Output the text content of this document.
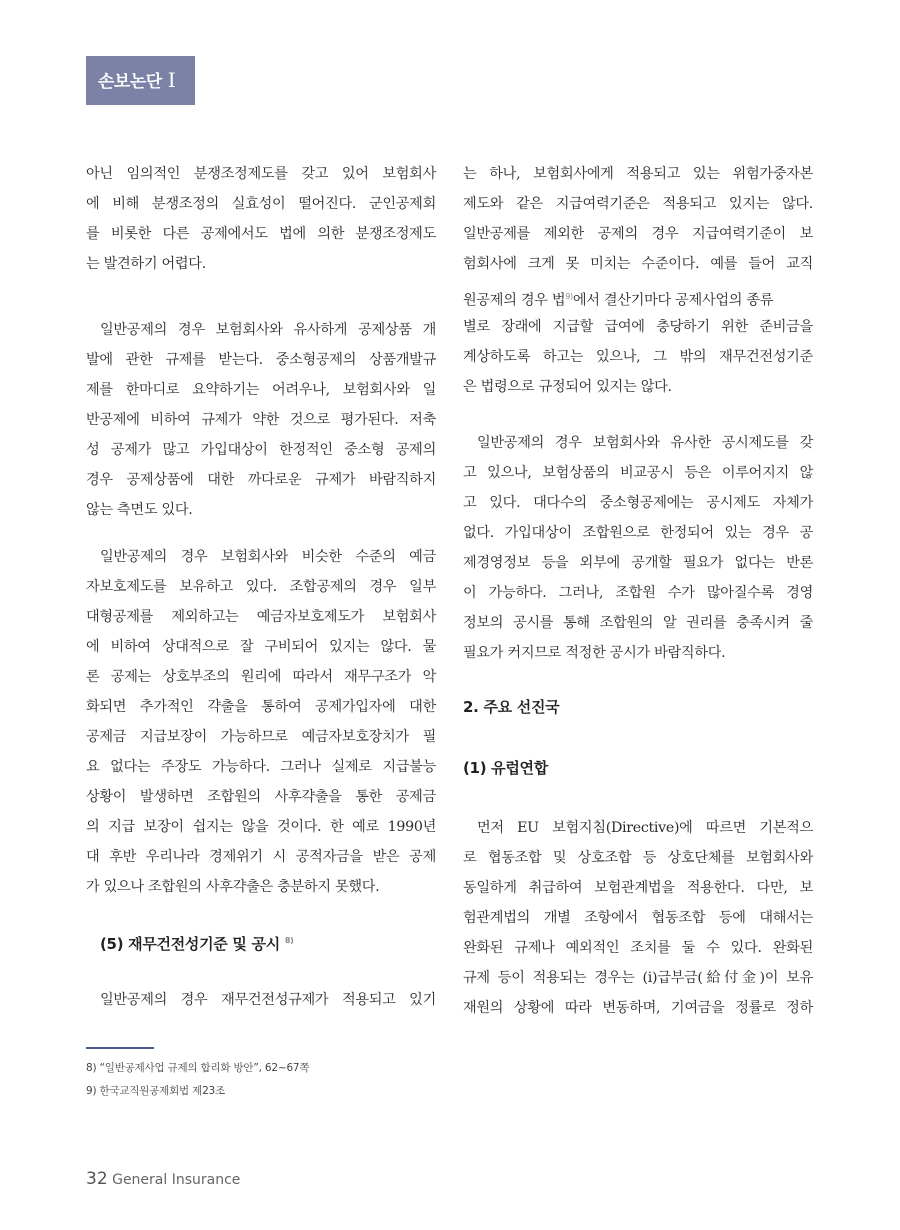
손보논단 I
아닌 임의적인 분쟁조정제도를 갖고 있어 보험회사
에 비해 분쟁조정의 실효성이 떨어진다. 군인공제회
를 비롯한 다른 공제에서도 법에 의한 분쟁조정제도
는 발견하기 어렵다.
일반공제의 경우 보험회사와 유사하게 공제상품 개
발에 관한 규제를 받는다. 중소형공제의 상품개발규
제를 한마디로 요약하기는 어려우나, 보험회사와 일
반공제에 비하여 규제가 약한 것으로 평가된다. 저축
성 공제가 많고 가입대상이 한정적인 중소형 공제의
경우 공제상품에 대한 까다로운 규제가 바람직하지
않는 측면도 있다.
일반공제의 경우 보험회사와 비슷한 수준의 예금
자보호제도를 보유하고 있다. 조합공제의 경우 일부
대형공제를 제외하고는 예금자보호제도가 보험회사
에 비하여 상대적으로 잘 구비되어 있지는 않다. 물
론 공제는 상호부조의 원리에 따라서 재무구조가 악
화되면 추가적인 갹출을 통하여 공제가입자에 대한
공제금 지급보장이 가능하므로 예금자보호장치가 필
요 없다는 주장도 가능하다. 그러나 실제로 지급불능
상황이 발생하면 조합원의 사후갹출을 통한 공제금
의 지급 보장이 쉽지는 않을 것이다. 한 예로 1990년
대 후반 우리나라 경제위기 시 공적자금을 받은 공제
가 있으나 조합원의 사후갹출은 충분하지 못했다.
(5) 재무건전성기준 및 공시 $^{8)}$
일반공제의 경우 재무건전성규제가 적용되고 있기
는 하나, 보험회사에게 적용되고 있는 위험가중자본
제도와 같은 지급여력기준은 적용되고 있지는 않다.
일반공제를 제외한 공제의 경우 지급여력기준이 보
험회사에 크게 못 미치는 수준이다. 예를 들어 교직
원공제의 경우 법$^{9)}$에서 결산기마다 공제사업의 종류
별로 장래에 지급할 급여에 충당하기 위한 준비금을
계상하도록 하고는 있으나, 그 밖의 재무건전성기준
은 법령으로 규정되어 있지는 않다.
일반공제의 경우 보험회사와 유사한 공시제도를 갖
고 있으나, 보험상품의 비교공시 등은 이루어지지 않
고 있다. 대다수의 중소형공제에는 공시제도 자체가
없다. 가입대상이 조합원으로 한정되어 있는 경우 공
제경영정보 등을 외부에 공개할 필요가 없다는 반론
이 가능하다. 그러나, 조합원 수가 많아질수록 경영
정보의 공시를 통해 조합원의 알 권리를 충족시켜 줄
필요가 커지므로 적정한 공시가 바람직하다.
2. 주요 선진국
(1) 유럽연합
먼저 EU 보험지침(Directive)에 따르면 기본적으
로 협동조합 및 상호조합 등 상호단체를 보험회사와
동일하게 취급하여 보험관계법을 적용한다. 다만, 보
험관계법의 개별 조항에서 협동조합 등에 대해서는
완화된 규제나 예외적인 조치를 둘 수 있다. 완화된
규제 등이 적용되는 경우는 (i)급부금(給付金)이 보유
재원의 상황에 따라 변동하며, 기여금을 정률로 정하
8) “일반공제사업 규제의 합리화 방안”, 62~67쪽
9) 한국교직원공제회법 제23조
32 General Insurance
